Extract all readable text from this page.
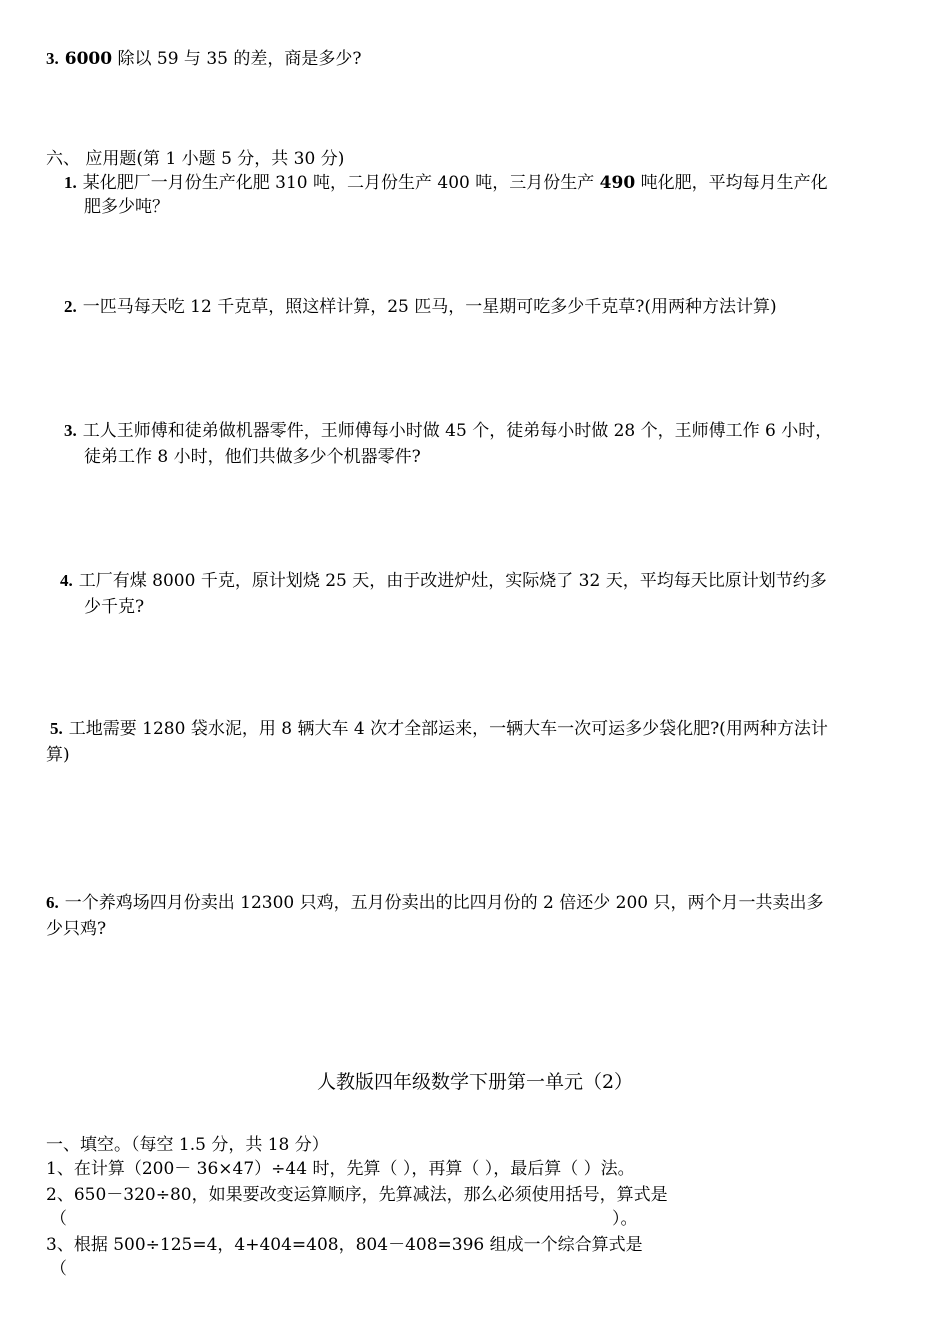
3. 6000 除以 59 与 35 的差，商是多少?
六、 应用题(第 1 小题 5 分，共 30 分)
1. 某化肥厂一月份生产化肥 310 吨，二月份生产 400 吨，三月份生产 490 吨化肥，平均每月生产化
肥多少吨？
2. 一匹马每天吃 12 千克草，照这样计算，25 匹马，一星期可吃多少千克草?(用两种方法计算)
3. 工人王师傅和徒弟做机器零件，王师傅每小时做 45 个，徒弟每小时做 28 个，王师傅工作 6 小时，
徒弟工作 8 小时，他们共做多少个机器零件?
4. 工厂有煤 8000 千克，原计划烧 25 天，由于改进炉灶，实际烧了 32 天，平均每天比原计划节约多
少千克?
5. 工地需要 1280 袋水泥，用 8 辆大车 4 次才全部运来，一辆大车一次可运多少袋化肥?(用两种方法计
算)
6. 一个养鸡场四月份卖出 12300 只鸡，五月份卖出的比四月份的 2 倍还少 200 只，两个月一共卖出多
少只鸡?
人教版四年级数学下册第一单元（2）
一、填空。（每空 1.5 分，共 18 分）
1、在计算（200－ 36×47）÷44 时，先算（ ），再算（ ），最后算（ ）法。
2、650－320÷80，如果要改变运算顺序，先算减法，那么必须使用括号，算式是
（	）。
3、根据 500÷125=4，4+404=408，804－408=396 组成一个综合算式是
（
